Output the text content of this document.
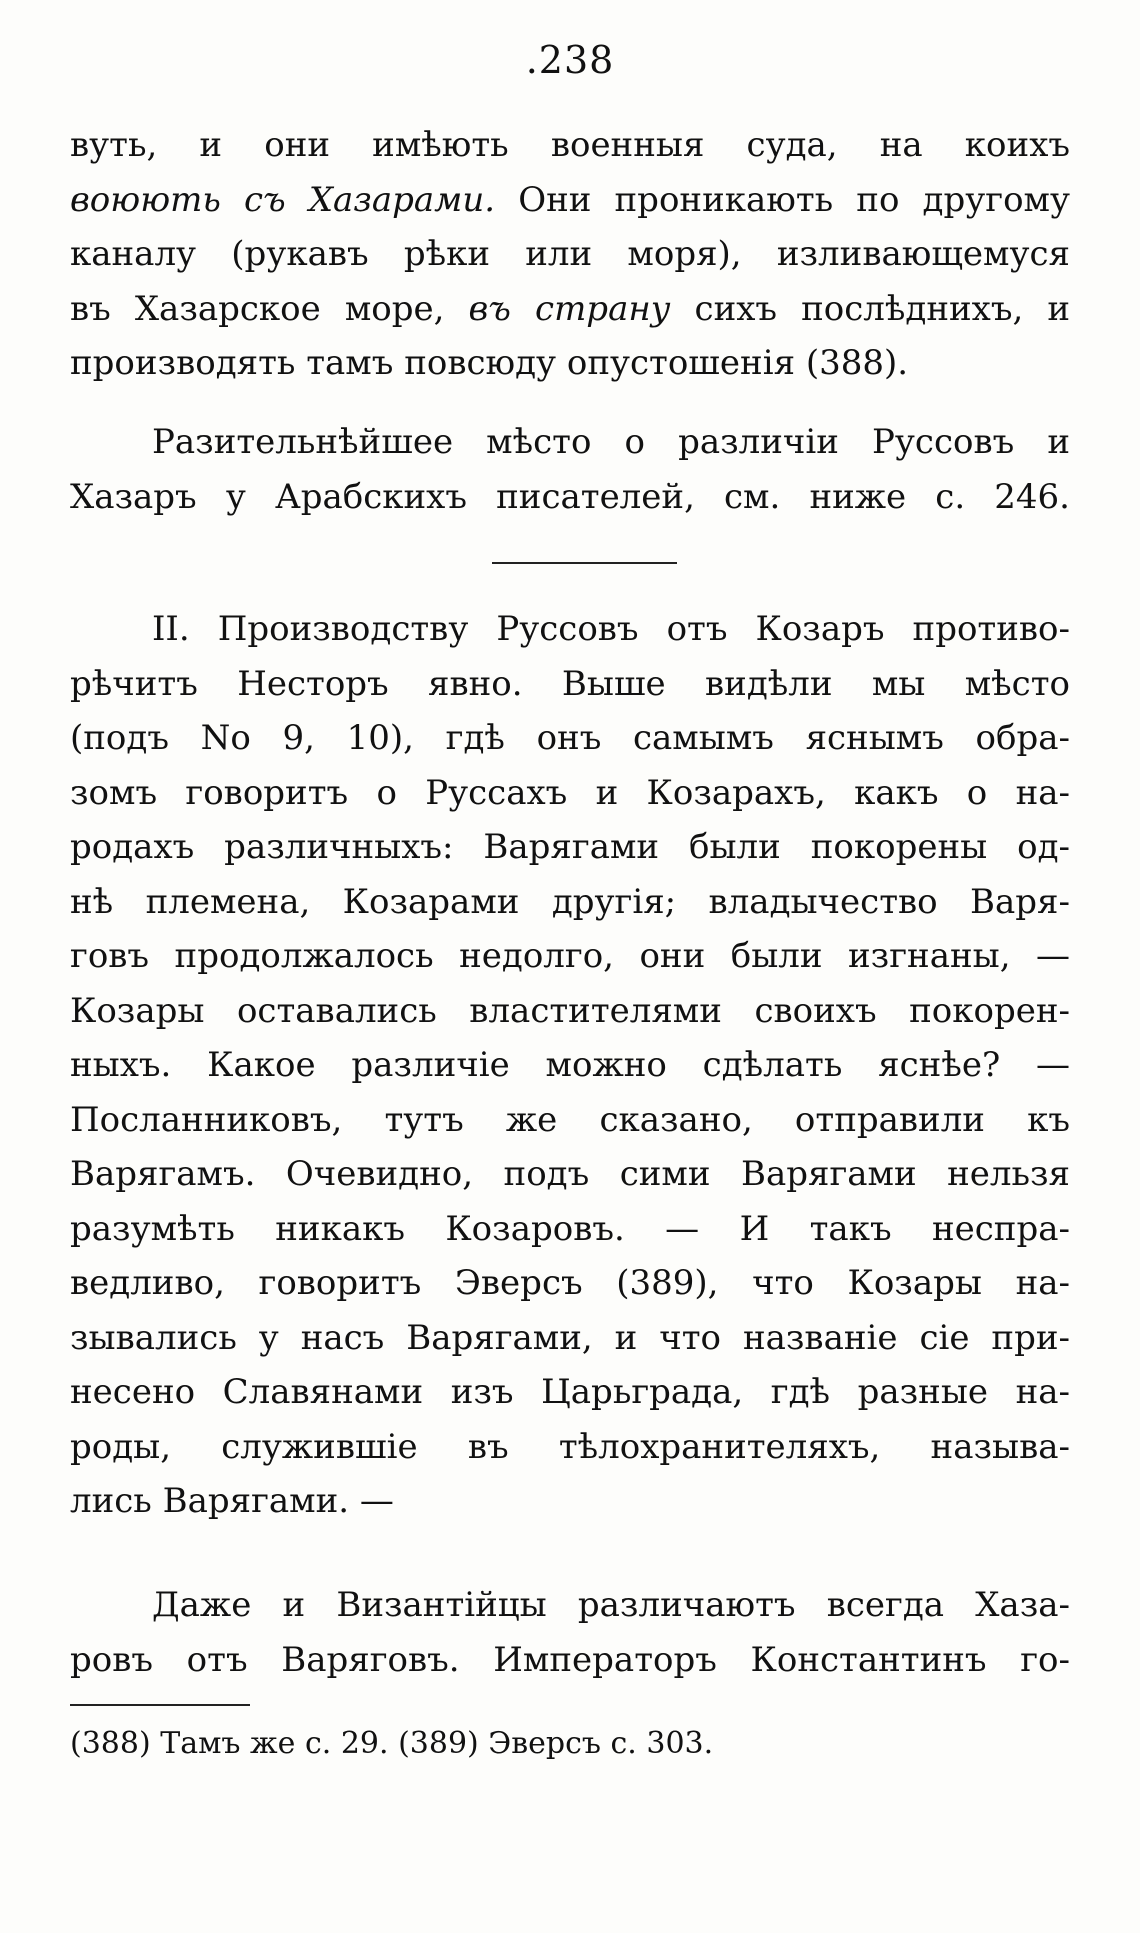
.238
вуть, и они имѣють военныя суда, на коихъ
воюють съ Хазарами. Они проникають по другому
каналу (рукавъ рѣки или моря), изливающемуся
въ Хазарское море, въ страну сихъ послѣднихъ, и
производять тамъ повсюду опустошенія (388).
Разительнѣйшее мѣсто о различіи Руссовъ и
Хазаръ у Арабскихъ писателей, см. ниже с. 246.
II. Производству Руссовъ отъ Козаръ противо-
рѣчитъ Несторъ явно. Выше видѣли мы мѣсто
(подъ No 9, 10), гдѣ онъ самымъ яснымъ обра-
зомъ говоритъ о Руссахъ и Козарахъ, какъ о на-
родахъ различныхъ: Варягами были покорены од-
нѣ племена, Козарами другія; владычество Варя-
говъ продолжалось недолго, они были изгнаны, —
Козары оставались властителями своихъ покорен-
ныхъ. Какое различіе можно сдѣлать яснѣе? —
Посланниковъ, тутъ же сказано, отправили къ
Варягамъ. Очевидно, подъ сими Варягами нельзя
разумѣть никакъ Козаровъ. — И такъ неспра-
ведливо, говоритъ Эверсъ (389), что Козары на-
зывались у насъ Варягами, и что названіе сіе при-
несено Славянами изъ Царьграда, гдѣ разные на-
роды, служившіе въ тѣлохранителяхъ, называ-
лись Варягами. —
Даже и Византійцы различаютъ всегда Хаза-
ровъ отъ Варяговъ. Императоръ Константинъ го-
(388) Тамъ же с. 29. (389) Эверсъ с. 303.
